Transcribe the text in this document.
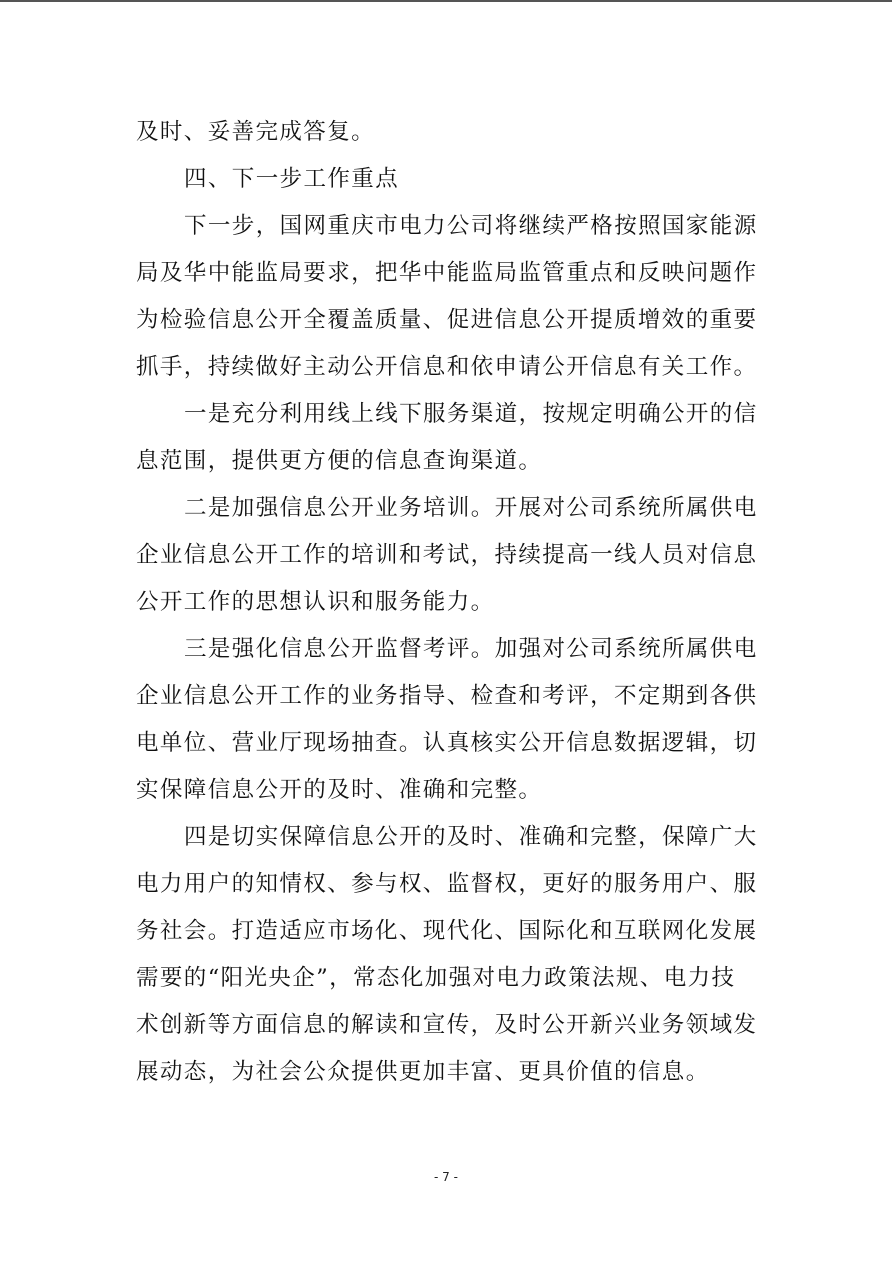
及时、妥善完成答复。
四、下一步工作重点
下一步，国网重庆市电力公司将继续严格按照国家能源
局及华中能监局要求，把华中能监局监管重点和反映问题作
为检验信息公开全覆盖质量、促进信息公开提质增效的重要
抓手，持续做好主动公开信息和依申请公开信息有关工作。
一是充分利用线上线下服务渠道，按规定明确公开的信
息范围，提供更方便的信息查询渠道。
二是加强信息公开业务培训。开展对公司系统所属供电
企业信息公开工作的培训和考试，持续提高一线人员对信息
公开工作的思想认识和服务能力。
三是强化信息公开监督考评。加强对公司系统所属供电
企业信息公开工作的业务指导、检查和考评，不定期到各供
电单位、营业厅现场抽查。认真核实公开信息数据逻辑，切
实保障信息公开的及时、准确和完整。
四是切实保障信息公开的及时、准确和完整，保障广大
电力用户的知情权、参与权、监督权，更好的服务用户、服
务社会。打造适应市场化、现代化、国际化和互联网化发展
需要的“阳光央企”，常态化加强对电力政策法规、电力技
术创新等方面信息的解读和宣传，及时公开新兴业务领域发
展动态，为社会公众提供更加丰富、更具价值的信息。
- 7 -
